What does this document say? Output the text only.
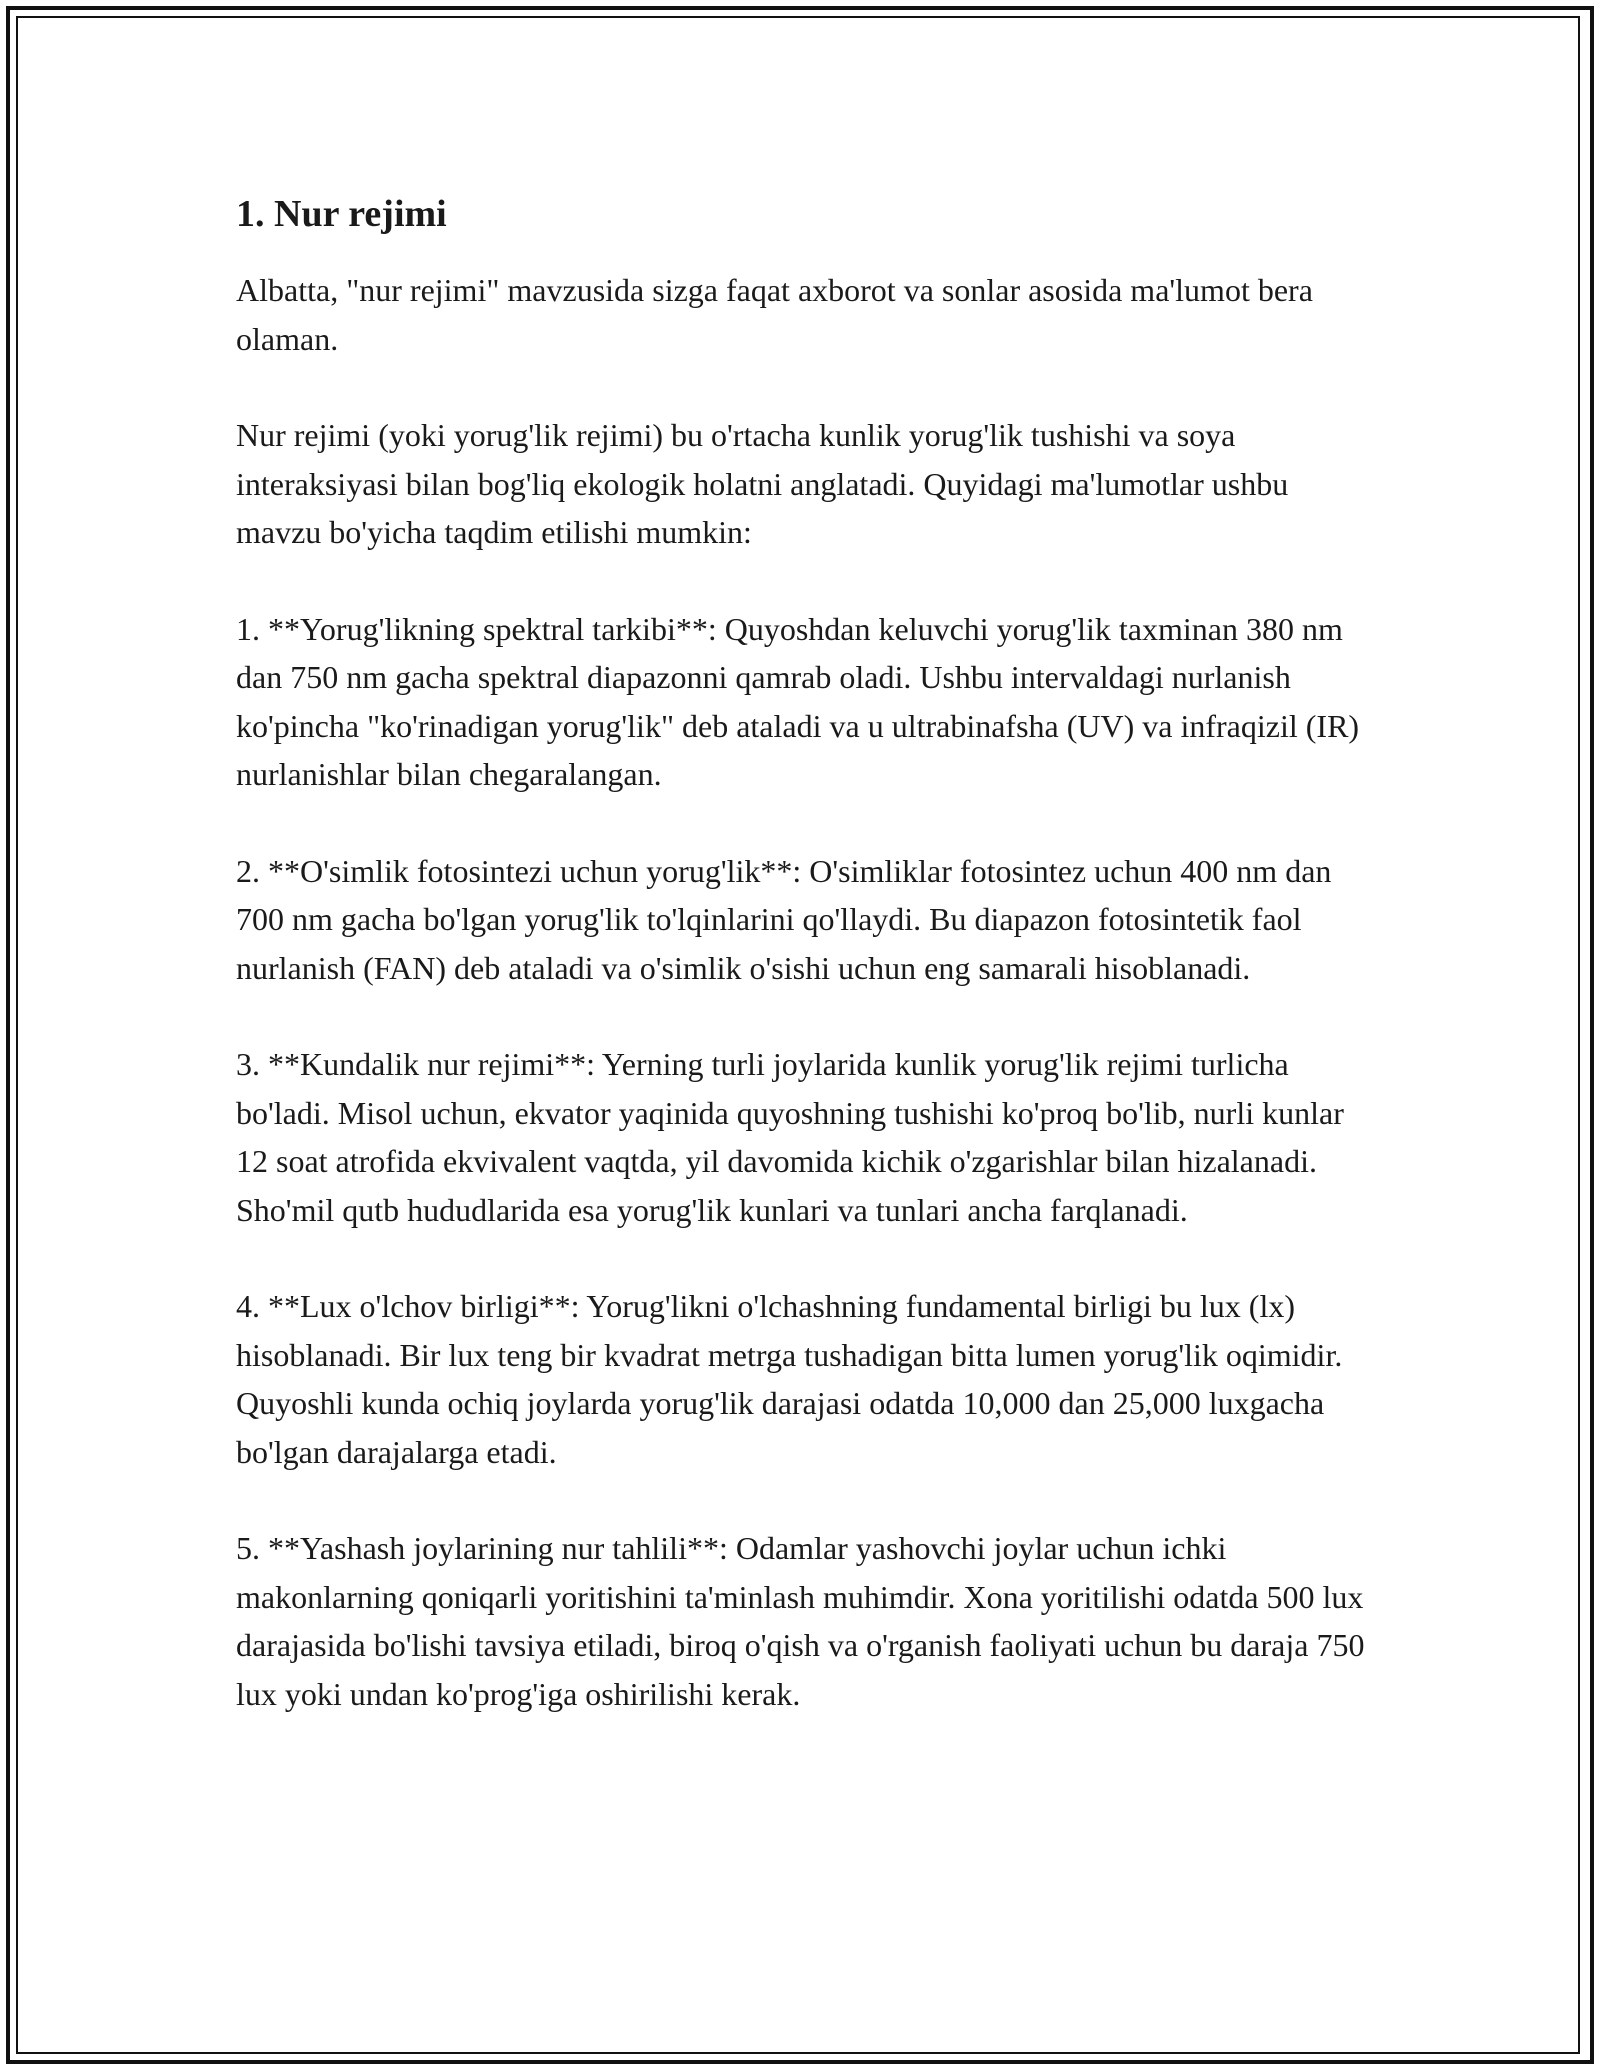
1. Nur rejimi

Albatta, "nur rejimi" mavzusida sizga faqat axborot va sonlar asosida ma'lumot bera olaman.

Nur rejimi (yoki yorug'lik rejimi) bu o'rtacha kunlik yorug'lik tushishi va soya interaksiyasi bilan bog'liq ekologik holatni anglatadi. Quyidagi ma'lumotlar ushbu mavzu bo'yicha taqdim etilishi mumkin:

1. **Yorug'likning spektral tarkibi**: Quyoshdan keluvchi yorug'lik taxminan 380 nm dan 750 nm gacha spektral diapazonni qamrab oladi. Ushbu intervaldagi nurlanish ko'pincha "ko'rinadigan yorug'lik" deb ataladi va u ultrabinafsha (UV) va infraqizil (IR) nurlanishlar bilan chegaralangan.

2. **O'simlik fotosintezi uchun yorug'lik**: O'simliklar fotosintez uchun 400 nm dan 700 nm gacha bo'lgan yorug'lik to'lqinlarini qo'llaydi. Bu diapazon fotosintetik faol nurlanish (FAN) deb ataladi va o'simlik o'sishi uchun eng samarali hisoblanadi.

3. **Kundalik nur rejimi**: Yerning turli joylarida kunlik yorug'lik rejimi turlicha bo'ladi. Misol uchun, ekvator yaqinida quyoshning tushishi ko'proq bo'lib, nurli kunlar 12 soat atrofida ekvivalent vaqtda, yil davomida kichik o'zgarishlar bilan hizalanadi. Sho'mil qutb hududlarida esa yorug'lik kunlari va tunlari ancha farqlanadi.

4. **Lux o'lchov birligi**: Yorug'likni o'lchashning fundamental birligi bu lux (lx) hisoblanadi. Bir lux teng bir kvadrat metrga tushadigan bitta lumen yorug'lik oqimidir. Quyoshli kunda ochiq joylarda yorug'lik darajasi odatda 10,000 dan 25,000 luxgacha bo'lgan darajalarga etadi.

5. **Yashash joylarining nur tahlili**: Odamlar yashovchi joylar uchun ichki makonlarning qoniqarli yoritishini ta'minlash muhimdir. Xona yoritilishi odatda 500 lux darajasida bo'lishi tavsiya etiladi, biroq o'qish va o'rganish faoliyati uchun bu daraja 750 lux yoki undan ko'prog'iga oshirilishi kerak.
